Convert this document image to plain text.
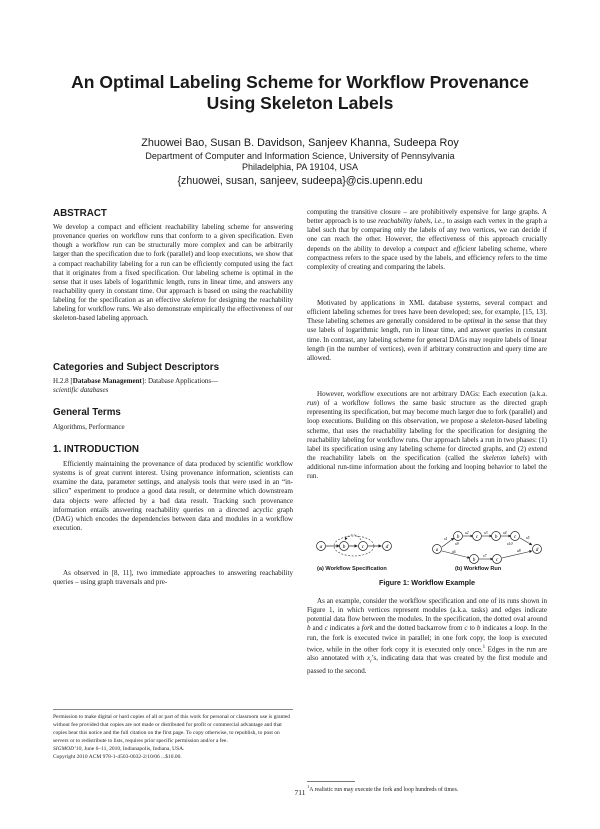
An Optimal Labeling Scheme for Workflow Provenance
Using Skeleton Labels
Zhuowei Bao, Susan B. Davidson, Sanjeev Khanna, Sudeepa Roy
Department of Computer and Information Science, University of Pennsylvania
Philadelphia, PA 19104, USA
{zhuowei, susan, sanjeev, sudeepa}@cis.upenn.edu
ABSTRACT

We develop a compact and efficient reachability labeling scheme for answering provenance queries on workflow runs that conform to a given specification. Even though a workflow run can be structurally more complex and can be arbitrarily larger than the specification due to fork (parallel) and loop executions, we show that a compact reachability labeling for a run can be efficiently computed using the fact that it originates from a fixed specification. Our labeling scheme is optimal in the sense that it uses labels of logarithmic length, runs in linear time, and answers any reachability query in constant time. Our approach is based on using the reachability labeling for the specification as an effective skeleton for designing the reachability labeling for workflow runs. We also demonstrate empirically the effectiveness of our skeleton-based labeling approach.

Categories and Subject Descriptors

H.2.8 [Database Management]: Database Applications—
scientific databases

General Terms

Algorithms, Performance

1. INTRODUCTION

Efficiently maintaining the provenance of data produced by scientific workflow systems is of great current interest. Using provenance information, scientists can examine the data, parameter settings, and analysis tools that were used in an “in-silico” experiment to produce a good data result, or determine which downstream data objects were affected by a bad data result. Tracking such provenance information entails answering reachability queries on a directed acyclic graph (DAG) which encodes the dependencies between data and modules in a workflow execution.

As observed in [8, 11], two immediate approaches to answering reachability queries – using graph traversals and pre-

Permission to make digital or hard copies of all or part of this work for personal or classroom use is granted without fee provided that copies are not made or distributed for profit or commercial advantage and that copies bear this notice and the full citation on the first page. To copy otherwise, to republish, to post on servers or to redistribute to lists, requires prior specific permission and/or a fee.
SIGMOD’10, June 6–11, 2010, Indianapolis, Indiana, USA.
Copyright 2010 ACM 978-1-4503-0032-2/10/06 ...$10.00.

computing the transitive closure – are prohibitively expensive for large graphs. A better approach is to use reachability labels, i.e., to assign each vertex in the graph a label such that by comparing only the labels of any two vertices, we can decide if one can reach the other. However, the effectiveness of this approach crucially depends on the ability to develop a compact and efficient labeling scheme, where compactness refers to the space used by the labels, and efficiency refers to the time complexity of creating and comparing the labels.

Motivated by applications in XML database systems, several compact and efficient labeling schemes for trees have been developed; see, for example, [15, 13]. These labeling schemes are generally considered to be optimal in the sense that they use labels of logarithmic length, run in linear time, and answer queries in constant time. In contrast, any labeling scheme for general DAGs may require labels of linear length (in the number of vertices), even if arbitrary construction and query time are allowed.

However, workflow executions are not arbitrary DAGs: Each execution (a.k.a. run) of a workflow follows the same basic structure as the directed graph representing its specification, but may become much larger due to fork (parallel) and loop executions. Building on this observation, we propose a skeleton-based labeling scheme, that uses the reachability labeling for the specification for designing the reachability labeling for workflow runs. Our approach labels a run in two phases: (1) label its specification using any labeling scheme for directed graphs, and (2) extend the reachability labels on the specification (called the skeleton labels) with additional run-time information about the forking and looping behavior to label the run.

a	b	c	d	a
b	c	b	c
b	c
d
x1
x2	x3	x4
x5
x6
x7
x8
x9	x10
(a) Workflow Specification	(b) Workflow Run

Figure 1: Workflow Example

As an example, consider the workflow specification and one of its runs shown in Figure 1, in which vertices represent modules (a.k.a. tasks) and edges indicate potential data flow between the modules. In the specification, the dotted oval around b and c indicates a fork and the dotted backarrow from c to b indicates a loop. In the run, the fork is executed twice in parallel; in one fork copy, the loop is executed twice, while in the other fork copy it is executed only once.$^1$ Edges in the run are also annotated with $x_i’s$, indicating data that was created by the first module and passed to the second.

$^1$A realistic run may execute the fork and loop hundreds of times.

711
